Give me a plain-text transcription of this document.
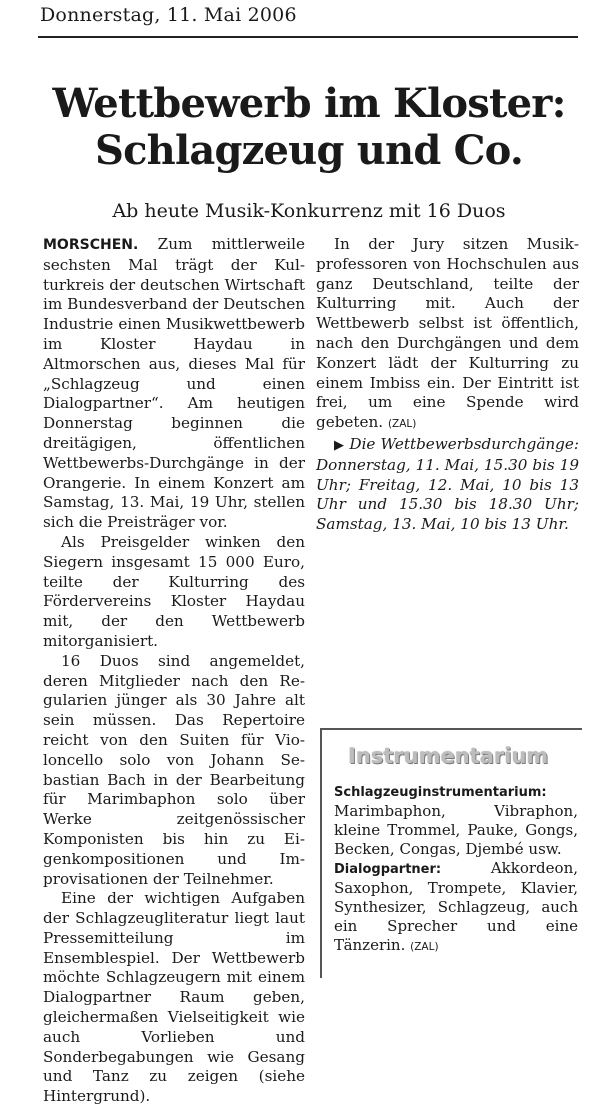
Donnerstag, 11. Mai 2006
Wettbewerb im Kloster:
Schlagzeug und Co.
Ab heute Musik-Konkurrenz mit 16 Duos

MORSCHEN. Zum mittlerweile sechsten Mal trägt der Kulturkreis der deutschen Wirtschaft im Bundesverband der Deutschen Industrie einen Musikwettbewerb im Kloster Haydau in Altmorschen aus, dieses Mal für „Schlagzeug und einen Dialogpartner“. Am heutigen Donnerstag beginnen die dreitägigen, öffentlichen Wettbewerbs-Durchgänge in der Orangerie. In einem Konzert am Samstag, 13. Mai, 19 Uhr, stellen sich die Preisträger vor.

Als Preisgelder winken den Siegern insgesamt 15 000 Euro, teilte der Kulturring des Fördervereins Kloster Haydau mit, der den Wettbewerb mitorganisiert.

16 Duos sind angemeldet, deren Mitglieder nach den Regularien jünger als 30 Jahre alt sein müssen. Das Repertoire reicht von den Suiten für Violoncello solo von Johann Sebastian Bach in der Bearbeitung für Marimbaphon solo über Werke zeitgenössischer Komponisten bis hin zu Eigenkompositionen und Improvisationen der Teilnehmer.

Eine der wichtigen Aufgaben der Schlagzeugliteratur liegt laut Pressemitteilung im Ensemblespiel. Der Wettbewerb möchte Schlagzeugern mit einem Dialogpartner Raum geben, gleichermaßen Vielseitigkeit wie auch Vorlieben und Sonderbegabungen wie Gesang und Tanz zu zeigen (siehe Hintergrund).

In der Jury sitzen Musikprofessoren von Hochschulen aus ganz Deutschland, teilte der Kulturring mit. Auch der Wettbewerb selbst ist öffentlich, nach den Durchgängen und dem Konzert lädt der Kulturring zu einem Imbiss ein. Der Eintritt ist frei, um eine Spende wird gebeten. (ZAL)

▶ Die Wettbewerbsdurchgänge: Donnerstag, 11. Mai, 15.30 bis 19 Uhr; Freitag, 12. Mai, 10 bis 13 Uhr und 15.30 bis 18.30 Uhr; Samstag, 13. Mai, 10 bis 13 Uhr.

Instrumentarium

Schlagzeuginstrumentarium:

Marimbaphon, Vibraphon, kleine Trommel, Pauke, Gongs, Becken, Congas, Djembé usw.

Dialogpartner:	Akkordeon, Saxophon, Trompete, Klavier, Synthesizer, Schlagzeug, auch ein Sprecher und eine Tänzerin. (ZAL)
